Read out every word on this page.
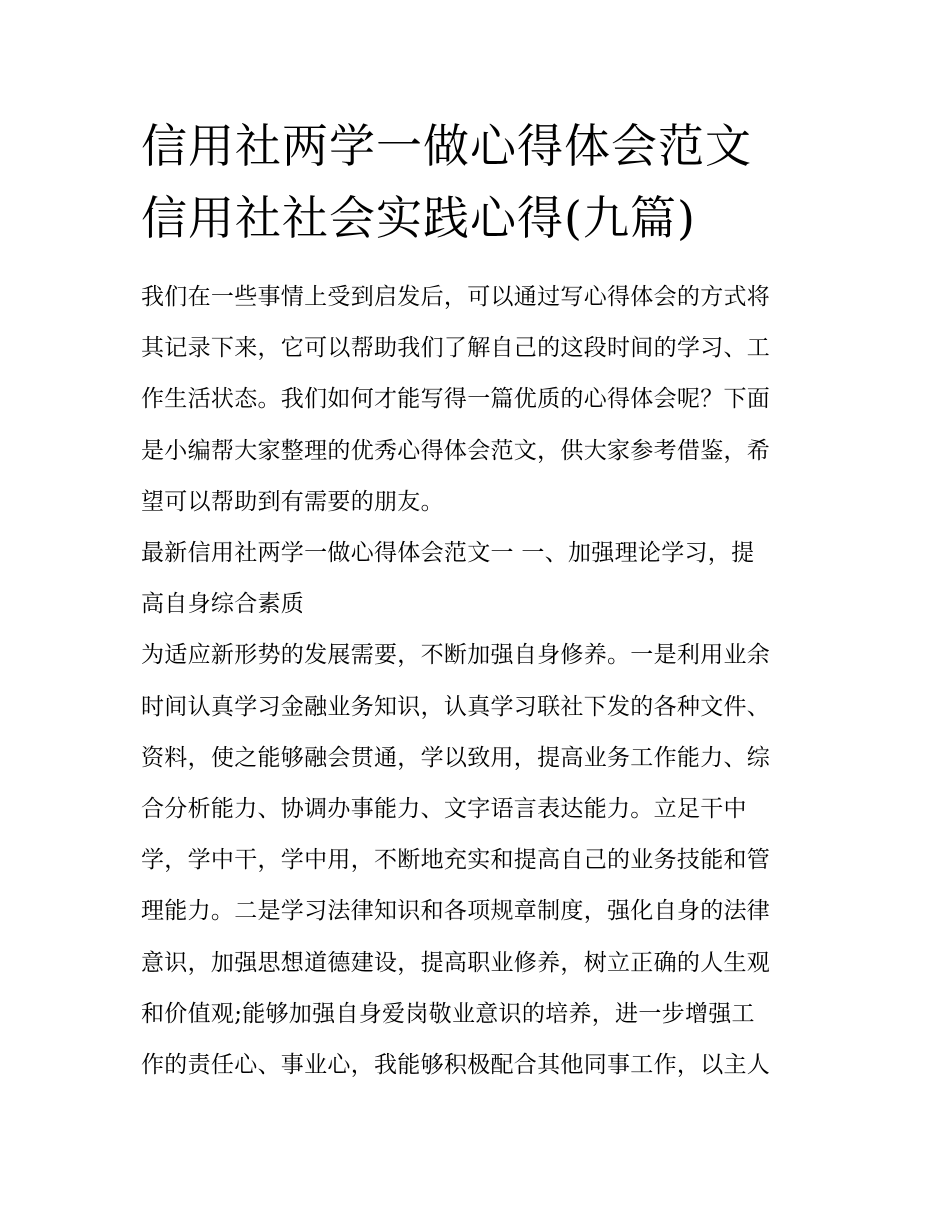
信用社两学一做心得体会范文
信用社社会实践心得(九篇)
我们在一些事情上受到启发后，可以通过写心得体会的方式将
其记录下来，它可以帮助我们了解自己的这段时间的学习、工
作生活状态。我们如何才能写得一篇优质的心得体会呢？下面
是小编帮大家整理的优秀心得体会范文，供大家参考借鉴，希
望可以帮助到有需要的朋友。
最新信用社两学一做心得体会范文一 一、加强理论学习，提
高自身综合素质
为适应新形势的发展需要，不断加强自身修养。一是利用业余
时间认真学习金融业务知识，认真学习联社下发的各种文件、
资料，使之能够融会贯通，学以致用，提高业务工作能力、综
合分析能力、协调办事能力、文字语言表达能力。立足干中
学，学中干，学中用，不断地充实和提高自己的业务技能和管
理能力。二是学习法律知识和各项规章制度，强化自身的法律
意识，加强思想道德建设，提高职业修养，树立正确的人生观
和价值观;能够加强自身爱岗敬业意识的培养，进一步增强工
作的责任心、事业心，我能够积极配合其他同事工作，以主人
